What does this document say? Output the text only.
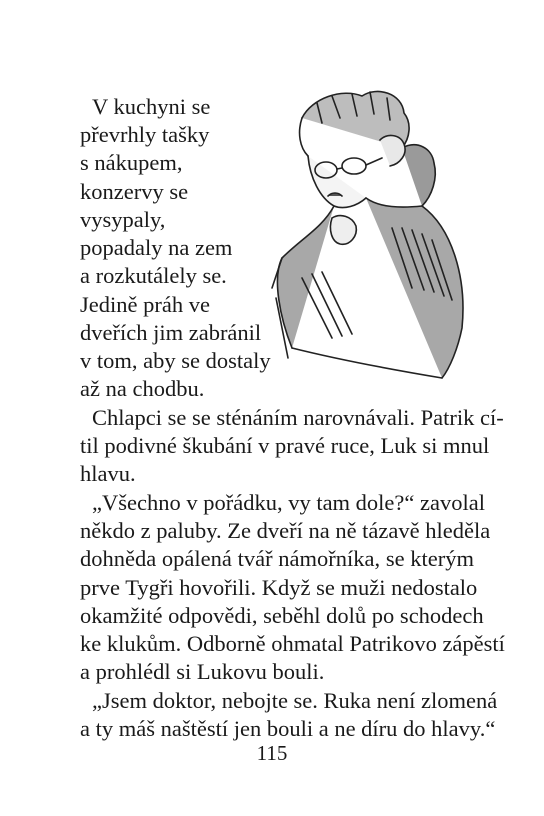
V kuchyni se
převrhly tašky
s nákupem,
konzervy se
vysypaly,
popadaly na zem
a rozkutálely se.
Jedině práh ve
dveřích jim zabránil
v tom, aby se dostaly
až na chodbu.
Chlapci se se sténáním narovnávali. Patrik cí-
til podivné škubání v pravé ruce, Luk si mnul
hlavu.
„Všechno v pořádku, vy tam dole?“ zavolal
někdo z paluby. Ze dveří na ně tázavě hleděla
dohněda opálená tvář námořníka, se kterým
prve Tygři hovořili. Když se muži nedostalo
okamžité odpovědi, seběhl dolů po schodech
ke klukům. Odborně ohmatal Patrikovo zápěstí
a prohlédl si Lukovu bouli.
„Jsem doktor, nebojte se. Ruka není zlomená
a ty máš naštěstí jen bouli a ne díru do hlavy.“
115
